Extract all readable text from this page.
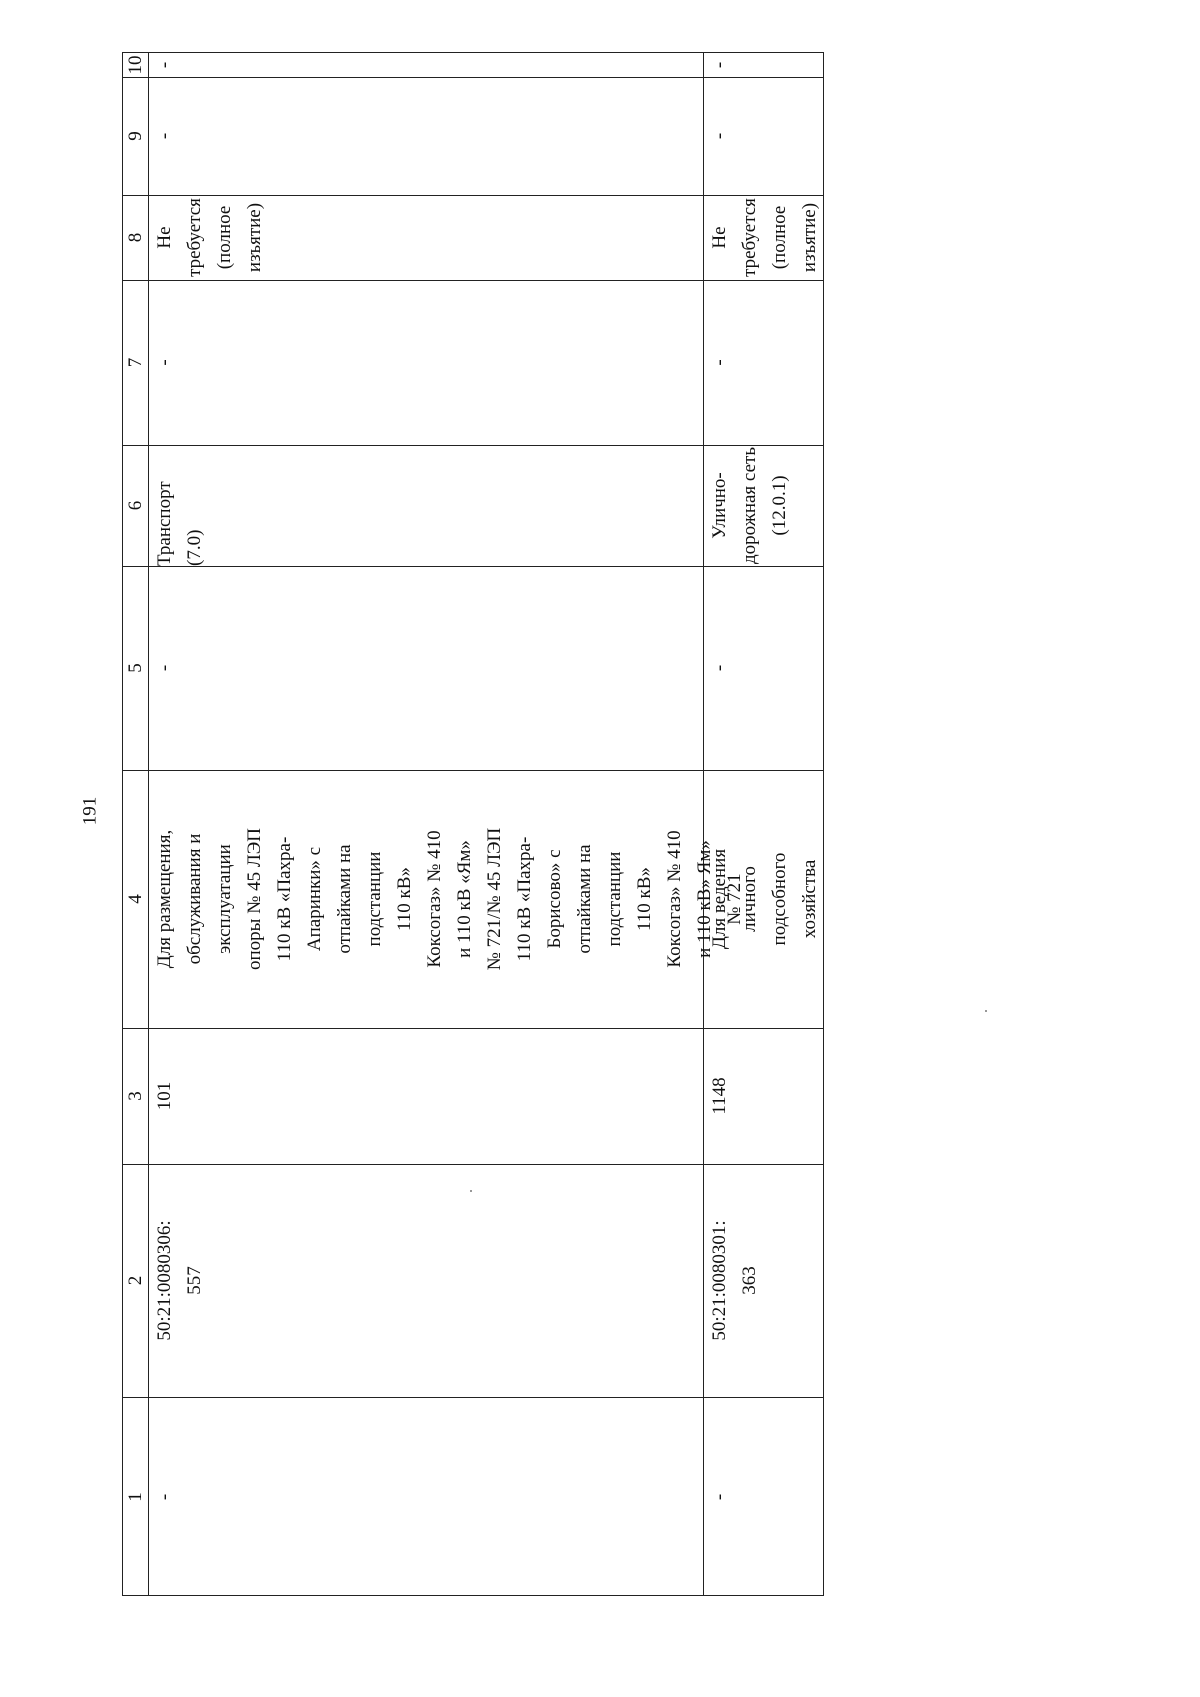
191
1
2
3
4
5
6
7
8
9
10
-
50:21:0080306:
557
101
Для размещения,
обслуживания и
эксплуатации
опоры № 45 ЛЭП
110 кВ «Пахра-
Апаринки» с
отпайками на
подстанции
110 кВ»
Коксогаз» № 410
и 110 кВ «Ям»
№ 721/№ 45 ЛЭП
110 кВ «Пахра-
Борисово» с
отпайками на
подстанции
110 кВ»
Коксогаз» № 410
и 110 кВ» Ям»
№ 721
-
Транспорт (7.0)
-
Не требуется
(полное
изъятие)
-
-
-
50:21:0080301:
363
1148
Для ведения
личного
подсобного
хозяйства
-
Улично-
дорожная сеть
(12.0.1)
-
Не требуется
(полное
изъятие)
-
-
